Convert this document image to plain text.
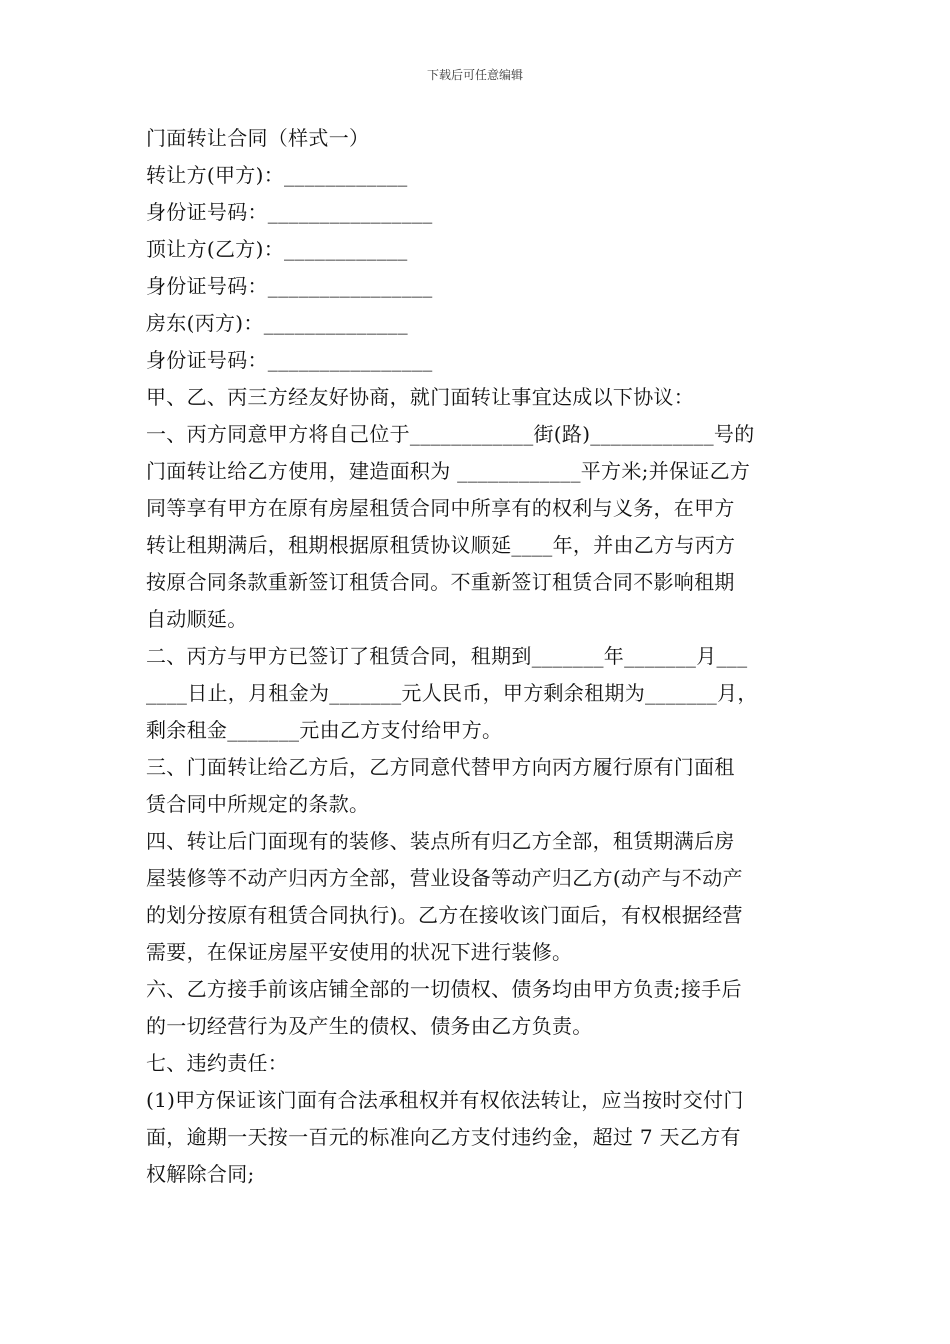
下载后可任意编辑

门面转让合同（样式一）

转让方(甲方)：____________

身份证号码：________________

顶让方(乙方)：____________

身份证号码：________________

房东(丙方)：______________

身份证号码：________________

甲、乙、丙三方经友好协商，就门面转让事宜达成以下协议：

一、丙方同意甲方将自己位于____________街(路)____________号的

门面转让给乙方使用，建造面积为 ____________平方米;并保证乙方

同等享有甲方在原有房屋租赁合同中所享有的权利与义务，在甲方

转让租期满后，租期根据原租赁协议顺延____年，并由乙方与丙方

按原合同条款重新签订租赁合同。不重新签订租赁合同不影响租期

自动顺延。

二、丙方与甲方已签订了租赁合同，租期到_______年_______月___

____日止，月租金为_______元人民币，甲方剩余租期为_______月，

剩余租金_______元由乙方支付给甲方。

三、门面转让给乙方后，乙方同意代替甲方向丙方履行原有门面租

赁合同中所规定的条款。

四、转让后门面现有的装修、装点所有归乙方全部，租赁期满后房

屋装修等不动产归丙方全部，营业设备等动产归乙方(动产与不动产

的划分按原有租赁合同执行)。乙方在接收该门面后，有权根据经营

需要，在保证房屋平安使用的状况下进行装修。

六、乙方接手前该店铺全部的一切债权、债务均由甲方负责;接手后

的一切经营行为及产生的债权、债务由乙方负责。

七、违约责任：

(1)甲方保证该门面有合法承租权并有权依法转让，应当按时交付门

面，逾期一天按一百元的标准向乙方支付违约金，超过 7 天乙方有

权解除合同;
